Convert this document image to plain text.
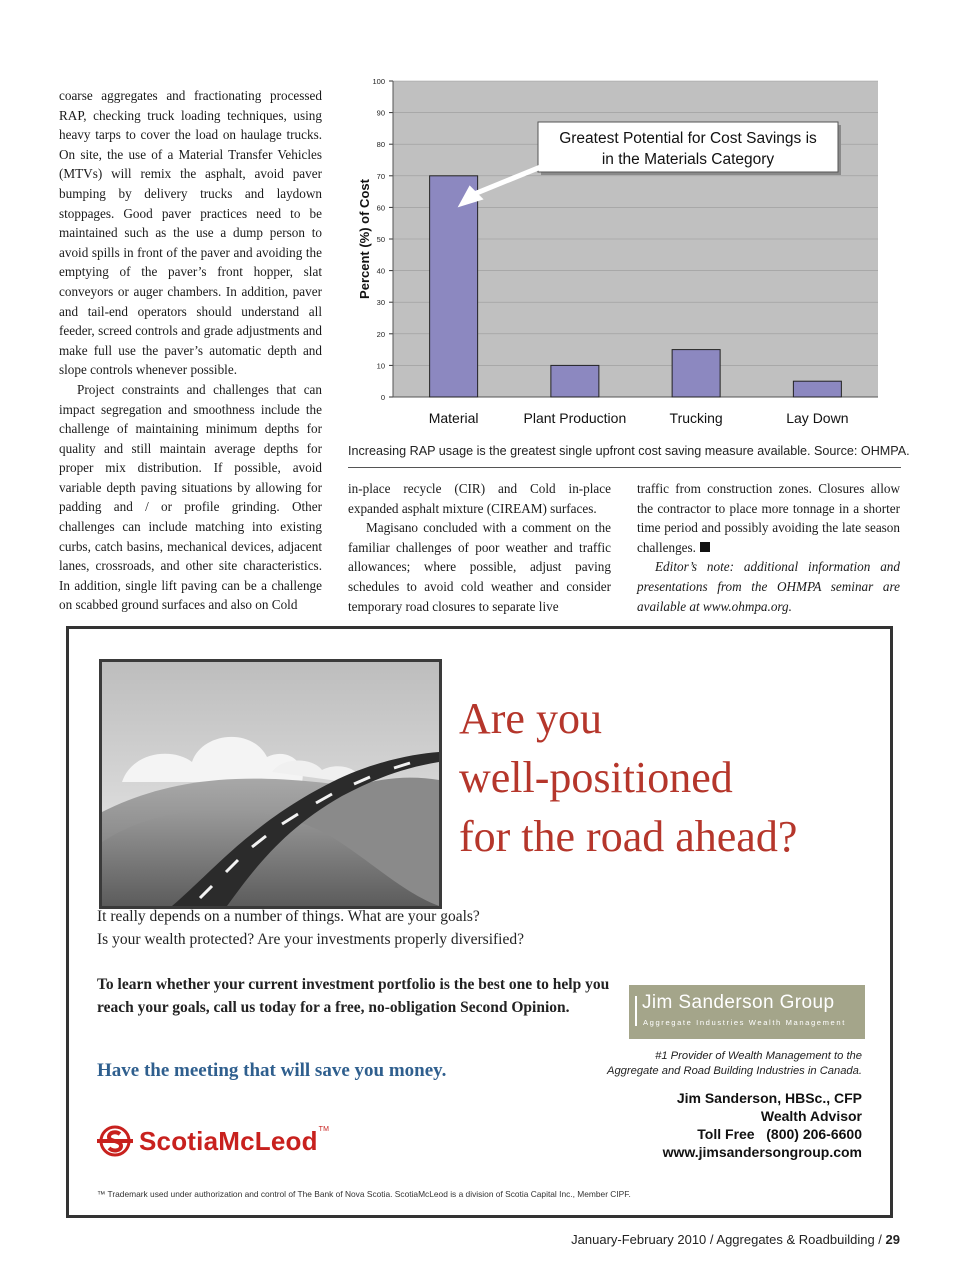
coarse aggregates and fractionating processed RAP, checking truck loading techniques, using heavy tarps to cover the load on haulage trucks. On site, the use of a Material Transfer Vehicles (MTVs) will remix the asphalt, avoid paver bumping by delivery trucks and laydown stoppages. Good paver practices need to be maintained such as the use a dump person to avoid spills in front of the paver and avoiding the emptying of the paver’s front hopper, slat conveyors or auger chambers. In addition, paver and tail-end operators should understand all feeder, screed controls and grade adjustments and make full use the paver’s automatic depth and slope controls whenever possible.

Project constraints and challenges that can impact segregation and smoothness include the challenge of maintaining minimum depths for quality and still maintain average depths for proper mix distribution. If possible, avoid variable depth paving situations by allowing for padding and / or profile grinding. Other challenges can include matching into existing curbs, catch basins, mechanical devices, adjacent lanes, crossroads, and other site characteristics. In addition, single lift paving can be a challenge on scabbed ground surfaces and also on Cold

0
10
20
30
40
50
60
70
80
90
100
Material	Plant Production	Trucking	Lay Down
Percent (%) of Cost
Greatest Potential for Cost Savings is
in the Materials Category
Increasing RAP usage is the greatest single upfront cost saving measure available. Source: OHMPA.

in-place recycle (CIR) and Cold in-place expanded asphalt mixture (CIREAM) surfaces.

Magisano concluded with a comment on the familiar challenges of poor weather and traffic allowances; where possible, adjust paving schedules to avoid cold weather and consider temporary road closures to separate live

traffic from construction zones. Closures allow the contractor to place more tonnage in a shorter time period and possibly avoiding the late season challenges.

Editor’s note: additional information and presentations from the OHMPA seminar are available at www.ohmpa.org.

Are you
well-positioned
for the road ahead?
It really depends on a number of things. What are your goals?
Is your wealth protected? Are your investments properly diversified?
To learn whether your current investment portfolio is the best one to help you reach your goals, call us today for a free, no-obligation Second Opinion.
Have the meeting that will save you money.
Jim Sanderson Group
Aggregate Industries Wealth Management
#1 Provider of Wealth Management to the
Aggregate and Road Building Industries in Canada.
Jim Sanderson, HBSc., CFP
Wealth Advisor
Toll Free   (800) 206-6600
www.jimsandersongroup.com
ScotiaMcLeod™
™ Trademark used under authorization and control of The Bank of Nova Scotia. ScotiaMcLeod is a division of Scotia Capital Inc., Member CIPF.
January-February 2010 / Aggregates & Roadbuilding / 29
